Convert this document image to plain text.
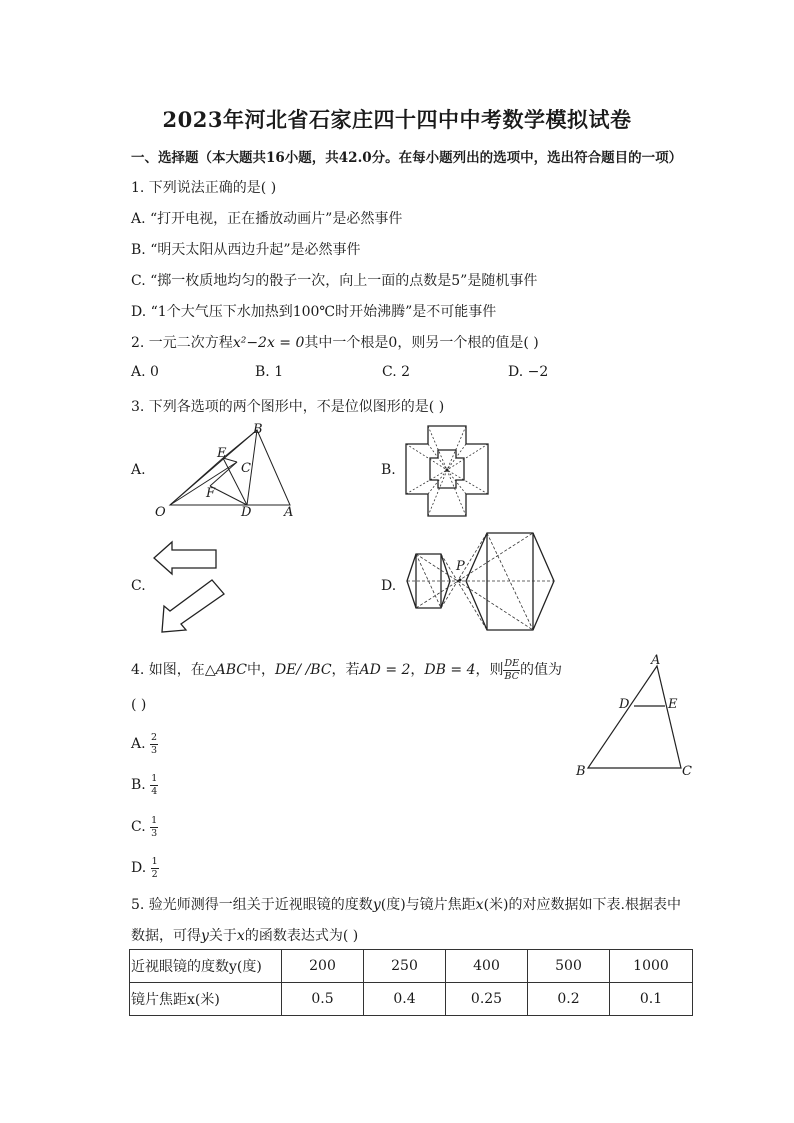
2023年河北省石家庄四十四中中考数学模拟试卷
一、选择题（本大题共16小题，共42.0分。在每小题列出的选项中，选出符合题目的一项）
1. 下列说法正确的是( )
A. “打开电视，正在播放动画片”是必然事件
B. “明天太阳从西边升起”是必然事件
C. “掷一枚质地均匀的骰子一次，向上一面的点数是5”是随机事件
D. “1个大气压下水加热到100℃时开始沸腾”是不可能事件
2. 一元二次方程x²−2x = 0其中一个根是0，则另一个根的值是( )
A. 0	B. 1	C. 2	D. −2
3. 下列各选项的两个图形中，不是位似图形的是( )
A.	B.
C.	D.
B
E
C
F
O	D	A
P
4. 如图，在△ABC中，DE/ /BC，若AD = 2，DB = 4，则 $\frac{DE}{BC}$ 的值为
( )
A. $\frac{2}{3}$
B. $\frac{1}{4}$
C. $\frac{1}{3}$
D. $\frac{1}{2}$
A
D	E
B	C
5. 验光师测得一组关于近视眼镜的度数y(度)与镜片焦距x(米)的对应数据如下表.根据表中
数据，可得y关于x的函数表达式为( )
近视眼镜的度数y(度)	200	250	400	500	1000
镜片焦距x(米)	0.5	0.4	0.25	0.2	0.1
